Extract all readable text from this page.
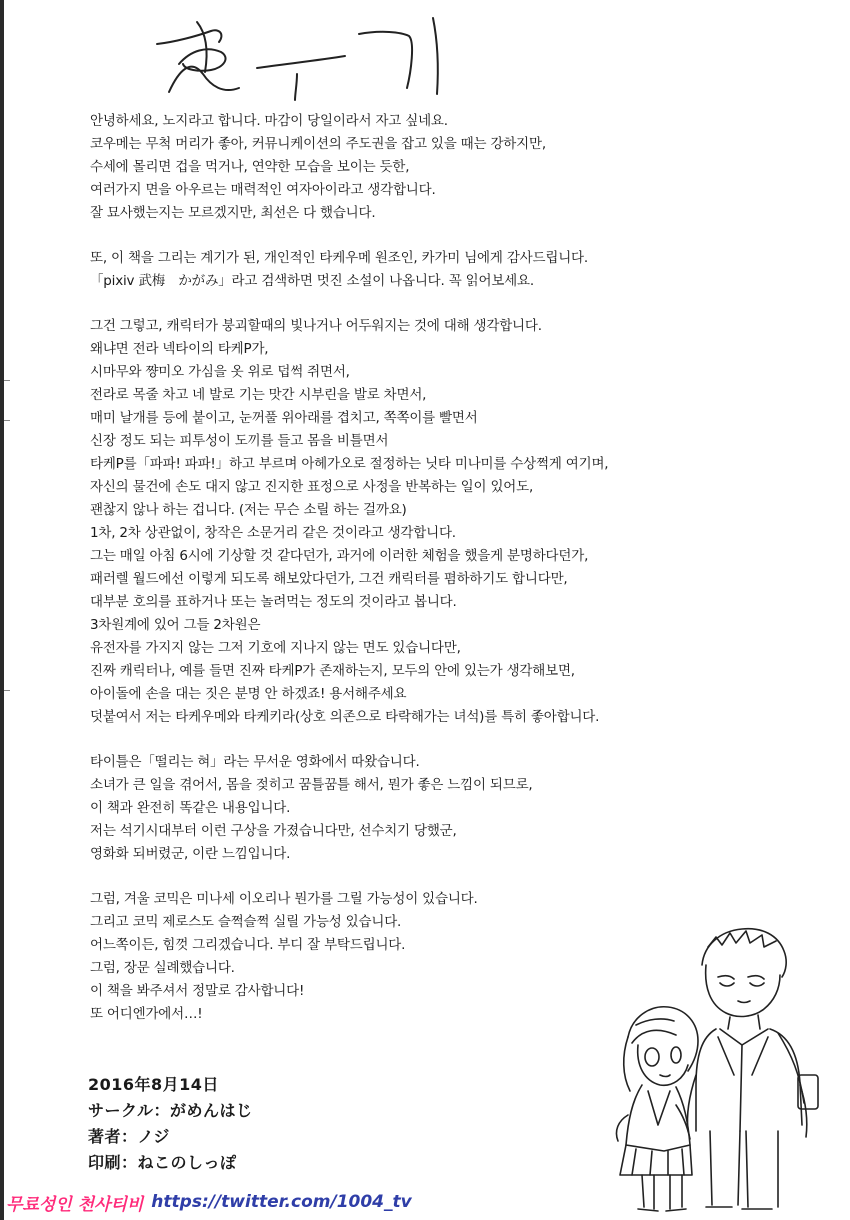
안녕하세요, 노지라고 합니다. 마감이 당일이라서 자고 싶네요.
코우메는 무척 머리가 좋아, 커뮤니케이션의 주도권을 잡고 있을 때는 강하지만,
수세에 몰리면 겁을 먹거나, 연약한 모습을 보이는 듯한,
여러가지 면을 아우르는 매력적인 여자아이라고 생각합니다.
잘 묘사했는지는 모르겠지만, 최선은 다 했습니다.
또, 이 책을 그리는 계기가 된, 개인적인 타케우메 원조인, 카가미 님에게 감사드립니다.
「pixiv 武梅　かがみ」라고 검색하면 멋진 소설이 나옵니다. 꼭 읽어보세요.
그건 그렇고, 캐릭터가 붕괴할때의 빛나거나 어두워지는 것에 대해 생각합니다.
왜냐면 전라 넥타이의 타케P가,
시마무와 쨩미오 가심을 옷 위로 덥썩 쥐면서,
전라로 목줄 차고 네 발로 기는 맛간 시부린을 발로 차면서,
매미 날개를 등에 붙이고, 눈꺼풀 위아래를 겹치고, 쪽쪽이를 빨면서
신장 정도 되는 피투성이 도끼를 들고 몸을 비틀면서
타케P를「파파! 파파!」하고 부르며 아헤가오로 절정하는 닛타 미나미를 수상쩍게 여기며,
자신의 물건에 손도 대지 않고 진지한 표정으로 사정을 반복하는 일이 있어도,
괜찮지 않나 하는 겁니다. (저는 무슨 소릴 하는 걸까요)
1차, 2차 상관없이, 창작은 소문거리 같은 것이라고 생각합니다.
그는 매일 아침 6시에 기상할 것 같다던가, 과거에 이러한 체험을 했을게 분명하다던가,
패러렐 월드에선 이렇게 되도록 해보았다던가, 그건 캐릭터를 폄하하기도 합니다만,
대부분 호의를 표하거나 또는 놀려먹는 정도의 것이라고 봅니다.
3차원계에 있어 그들 2차원은
유전자를 가지지 않는 그저 기호에 지나지 않는 면도 있습니다만,
진짜 캐릭터나, 예를 들면 진짜 타케P가 존재하는지, 모두의 안에 있는가 생각해보면,
아이돌에 손을 대는 짓은 분명 안 하겠죠! 용서해주세요
덧붙여서 저는 타케우메와 타케키라(상호 의존으로 타락해가는 녀석)를 특히 좋아합니다.
타이틀은「떨리는 혀」라는 무서운 영화에서 따왔습니다.
소녀가 큰 일을 겪어서, 몸을 젖히고 꿈틀꿈틀 해서, 뭔가 좋은 느낌이 되므로,
이 책과 완전히 똑같은 내용입니다.
저는 석기시대부터 이런 구상을 가졌습니다만, 선수치기 당했군,
영화화 되버렸군, 이란 느낌입니다.
그럼, 겨울 코믹은 미나세 이오리나 뭔가를 그릴 가능성이 있습니다.
그리고 코믹 제로스도 슬쩍슬쩍 실릴 가능성 있습니다.
어느쪽이든, 힘껏 그리겠습니다. 부디 잘 부탁드립니다.
그럼, 장문 실례했습니다.
이 책을 봐주셔서 정말로 감사합니다!
또 어디엔가에서…!
2016年8月14日
サークル：がめんはじ
著者：ノジ
印刷：ねこのしっぽ
무료성인 천사티비 https://twitter.com/1004_tv
